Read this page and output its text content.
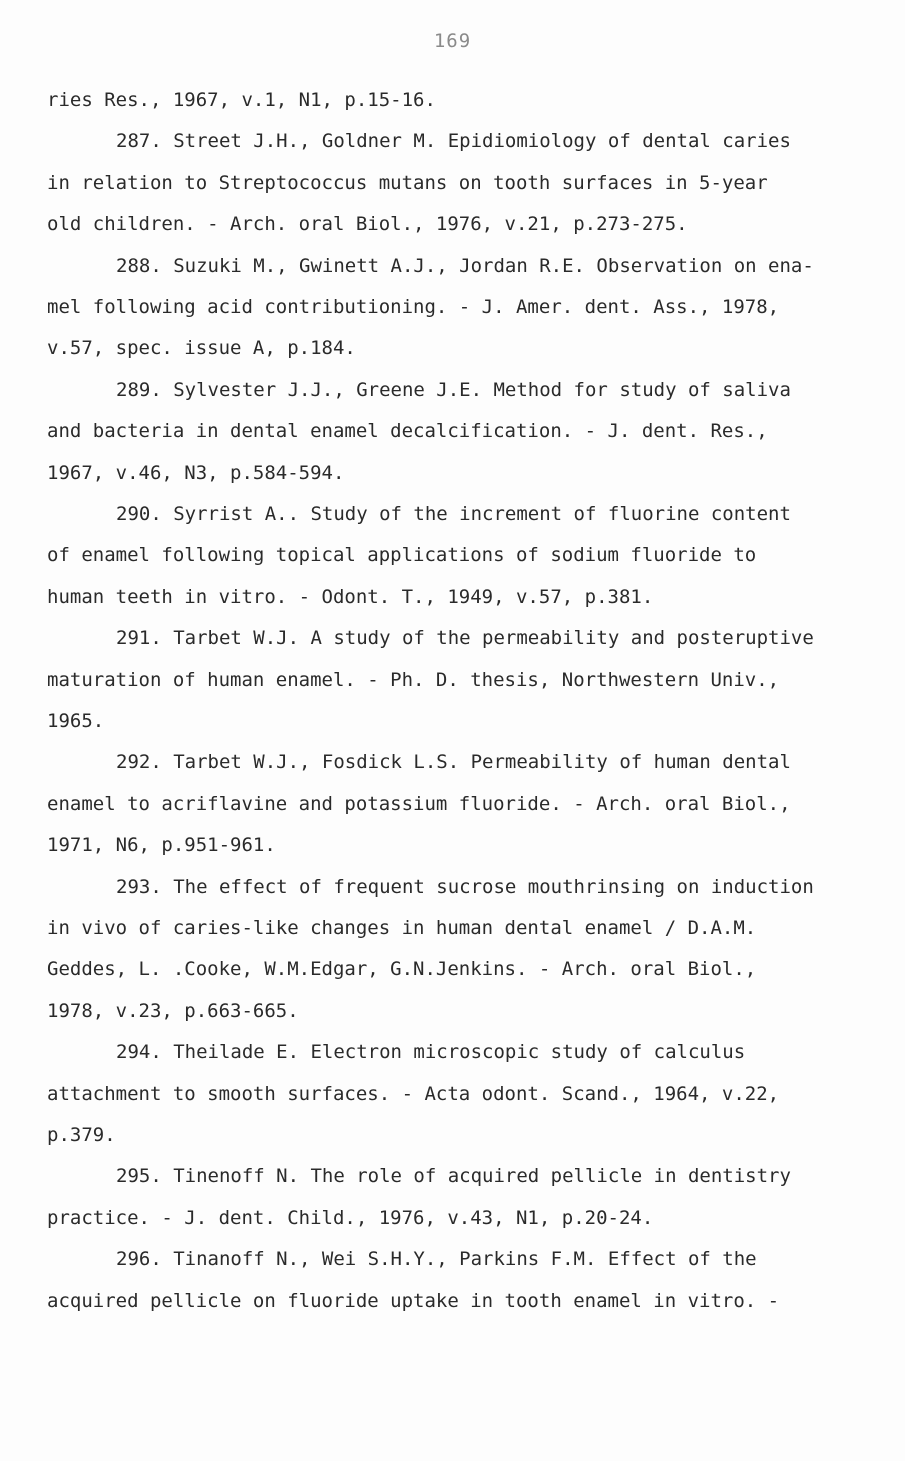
169
ries Res., 1967, v.1, N1, p.15-16.
287. Street J.H., Goldner M. Epidiomiology of dental caries
in relation to Streptococcus mutans on tooth surfaces in 5-year
old children. - Arch. oral Biol., 1976, v.21, p.273-275.
288. Suzuki M., Gwinett A.J., Jordan R.E. Observation on ena-
mel following acid contributioning. - J. Amer. dent. Ass., 1978,
v.57, spec. issue A, p.184.
289. Sylvester J.J., Greene J.E. Method for study of saliva
and bacteria in dental enamel decalcification. - J. dent. Res.,
1967, v.46, N3, p.584-594.
290. Syrrist A.. Study of the increment of fluorine content
of enamel following topical applications of sodium fluoride to
human teeth in vitro. - Odont. T., 1949, v.57, p.381.
291. Tarbet W.J. A study of the permeability and posteruptive
maturation of human enamel. - Ph. D. thesis, Northwestern Univ.,
1965.
292. Tarbet W.J., Fosdick L.S. Permeability of human dental
enamel to acriflavine and potassium fluoride. - Arch. oral Biol.,
1971, N6, p.951-961.
293. The effect of frequent sucrose mouthrinsing on induction
in vivo of caries-like changes in human dental enamel / D.A.M.
Geddes, L. .Cooke, W.M.Edgar, G.N.Jenkins. - Arch. oral Biol.,
1978, v.23, p.663-665.
294. Theilade E. Electron microscopic study of calculus
attachment to smooth surfaces. - Acta odont. Scand., 1964, v.22,
p.379.
295. Tinenoff N. The role of acquired pellicle in dentistry
practice. - J. dent. Child., 1976, v.43, N1, p.20-24.
296. Tinanoff N., Wei S.H.Y., Parkins F.M. Effect of the
acquired pellicle on fluoride uptake in tooth enamel in vitro. -
